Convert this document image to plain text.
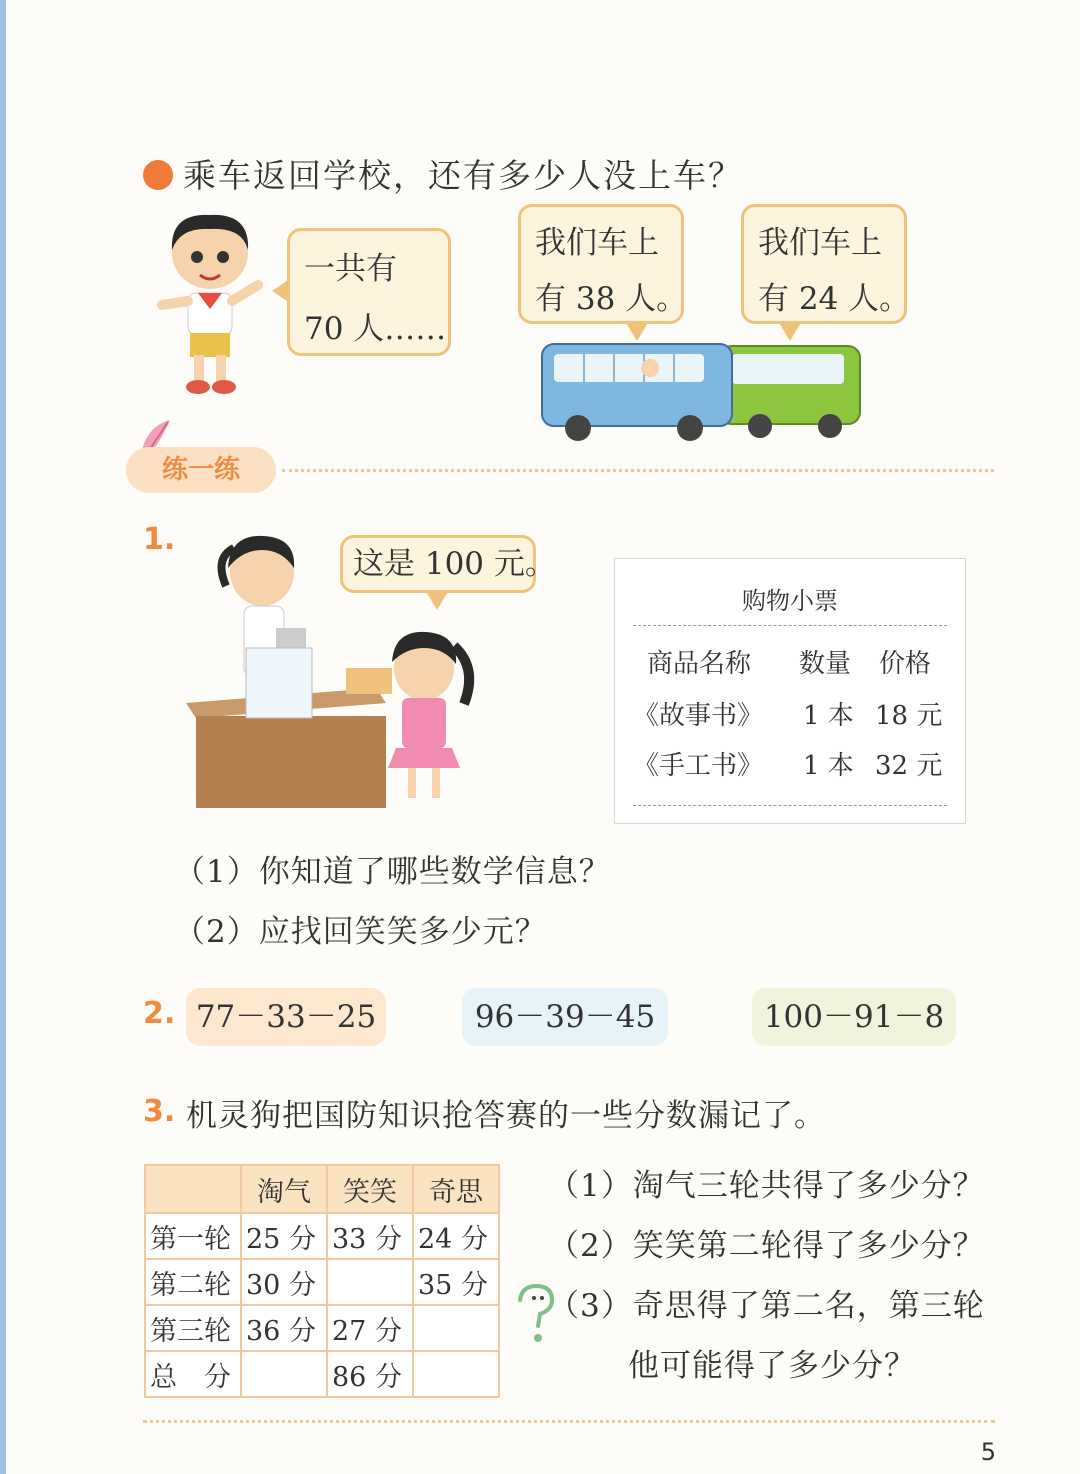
乘车返回学校，还有多少人没上车？
一共有
70 人……
我们车上
有 38 人。
我们车上
有 24 人。
练一练
1.
这是 100 元。
购物小票
商品名称 数量 价格
《故事书》 1 本 18 元
《手工书》 1 本 32 元
（1）你知道了哪些数学信息？
（2）应找回笑笑多少元？
2. 77－33－25	96－39－45	100－91－8
3. 机灵狗把国防知识抢答赛的一些分数漏记了。
	淘气	笑笑	奇思
第一轮	25 分	33 分	24 分
第二轮	30 分		35 分
第三轮	36 分	27 分	
总　分		86 分	
（1）淘气三轮共得了多少分？
（2）笑笑第二轮得了多少分？
（3）奇思得了第二名，第三轮
他可能得了多少分？
5
